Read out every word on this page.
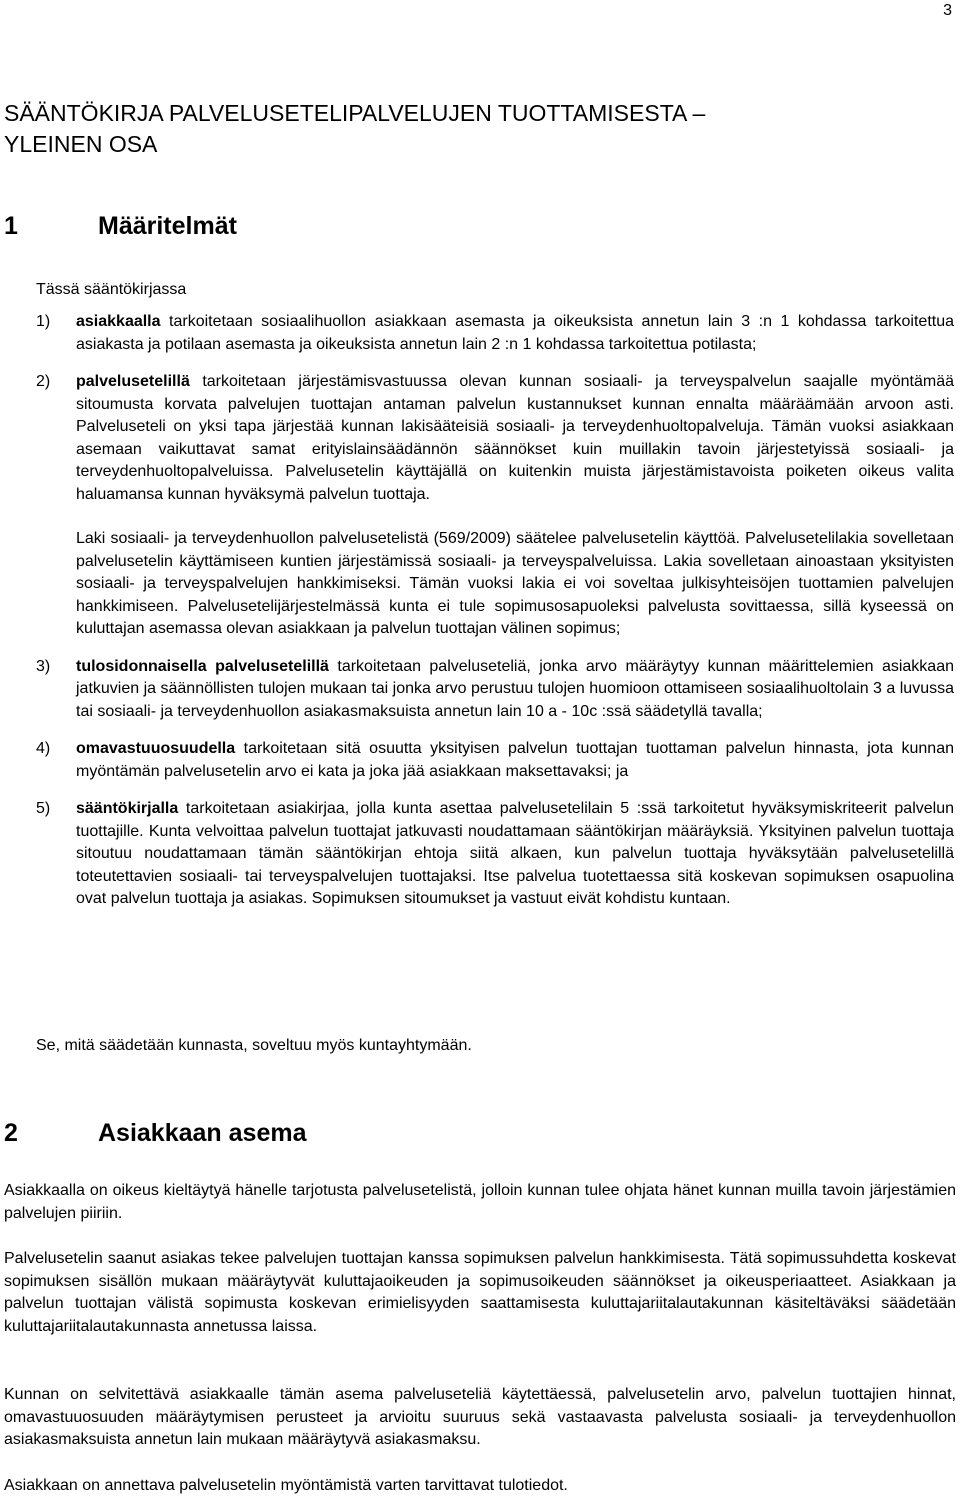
3
SÄÄNTÖKIRJA PALVELUSETELIPALVELUJEN TUOTTAMISESTA –
YLEINEN OSA
1	Määritelmät
Tässä sääntökirjassa
1)	asiakkaalla tarkoitetaan sosiaalihuollon asiakkaan asemasta ja oikeuksista annetun lain 3 :n 1 kohdassa tarkoitettua asiakasta ja potilaan asemasta ja oikeuksista annetun lain 2 :n 1 kohdassa tarkoitettua potilasta;

2)	palvelusetelillä tarkoitetaan järjestämisvastuussa olevan kunnan sosiaali- ja terveyspalvelun saajalle myöntämää sitoumusta korvata palvelujen tuottajan antaman palvelun kustannukset kunnan ennalta määräämään arvoon asti. Palveluseteli on yksi tapa järjestää kunnan lakisääteisiä sosiaali- ja terveydenhuoltopalveluja. Tämän vuoksi asiakkaan asemaan vaikuttavat samat erityislainsäädännön säännökset kuin muillakin tavoin järjestetyissä sosiaali- ja terveydenhuoltopalveluissa. Palvelusetelin käyttäjällä on kuitenkin muista järjestämistavoista poiketen oikeus valita haluamansa kunnan hyväksymä palvelun tuottaja.

Laki sosiaali- ja terveydenhuollon palvelusetelistä (569/2009) säätelee palvelusetelin käyttöä. Palvelusetelilakia sovelletaan palvelusetelin käyttämiseen kuntien järjestämissä sosiaali- ja terveyspalveluissa. Lakia sovelletaan ainoastaan yksityisten sosiaali- ja terveyspalvelujen hankkimiseksi. Tämän vuoksi lakia ei voi soveltaa julkisyhteisöjen tuottamien palvelujen hankkimiseen. Palvelusetelijärjestelmässä kunta ei tule sopimusosapuoleksi palvelusta sovittaessa, sillä kyseessä on kuluttajan asemassa olevan asiakkaan ja palvelun tuottajan välinen sopimus;

3)	tulosidonnaisella palvelusetelillä tarkoitetaan palveluseteliä, jonka arvo määräytyy kunnan määrittelemien asiakkaan jatkuvien ja säännöllisten tulojen mukaan tai jonka arvo perustuu tulojen huomioon ottamiseen sosiaalihuoltolain 3 a luvussa tai sosiaali- ja terveydenhuollon asiakasmaksuista annetun lain 10 a - 10c :ssä säädetyllä tavalla;

4)	omavastuuosuudella tarkoitetaan sitä osuutta yksityisen palvelun tuottajan tuottaman palvelun hinnasta, jota kunnan myöntämän palvelusetelin arvo ei kata ja joka jää asiakkaan maksettavaksi; ja

5)	sääntökirjalla tarkoitetaan asiakirjaa, jolla kunta asettaa palvelusetelilain 5 :ssä tarkoitetut hyväksymiskriteerit palvelun tuottajille. Kunta velvoittaa palvelun tuottajat jatkuvasti noudattamaan sääntökirjan määräyksiä. Yksityinen palvelun tuottaja sitoutuu noudattamaan tämän sääntökirjan ehtoja siitä alkaen, kun palvelun tuottaja hyväksytään palvelusetelillä toteutettavien sosiaali- tai terveyspalvelujen tuottajaksi. Itse palvelua tuotettaessa sitä koskevan sopimuksen osapuolina ovat palvelun tuottaja ja asiakas. Sopimuksen sitoumukset ja vastuut eivät kohdistu kuntaan.

Se, mitä säädetään kunnasta, soveltuu myös kuntayhtymään.

2	Asiakkaan asema

Asiakkaalla on oikeus kieltäytyä hänelle tarjotusta palvelusetelistä, jolloin kunnan tulee ohjata hänet kunnan muilla tavoin järjestämien palvelujen piiriin.

Palvelusetelin saanut asiakas tekee palvelujen tuottajan kanssa sopimuksen palvelun hankkimisesta. Tätä sopimussuhdetta koskevat sopimuksen sisällön mukaan määräytyvät kuluttajaoikeuden ja sopimusoikeuden säännökset ja oikeusperiaatteet. Asiakkaan ja palvelun tuottajan välistä sopimusta koskevan erimielisyyden saattamisesta kuluttajariitalautakunnan käsiteltäväksi säädetään kuluttajariitalautakunnasta annetussa laissa.

Kunnan on selvitettävä asiakkaalle tämän asema palveluseteliä käytettäessä, palvelusetelin arvo, palvelun tuottajien hinnat, omavastuuosuuden määräytymisen perusteet ja arvioitu suuruus sekä vastaavasta palvelusta sosiaali- ja terveydenhuollon asiakasmaksuista annetun lain mukaan määräytyvä asiakasmaksu.

Asiakkaan on annettava palvelusetelin myöntämistä varten tarvittavat tulotiedot.
